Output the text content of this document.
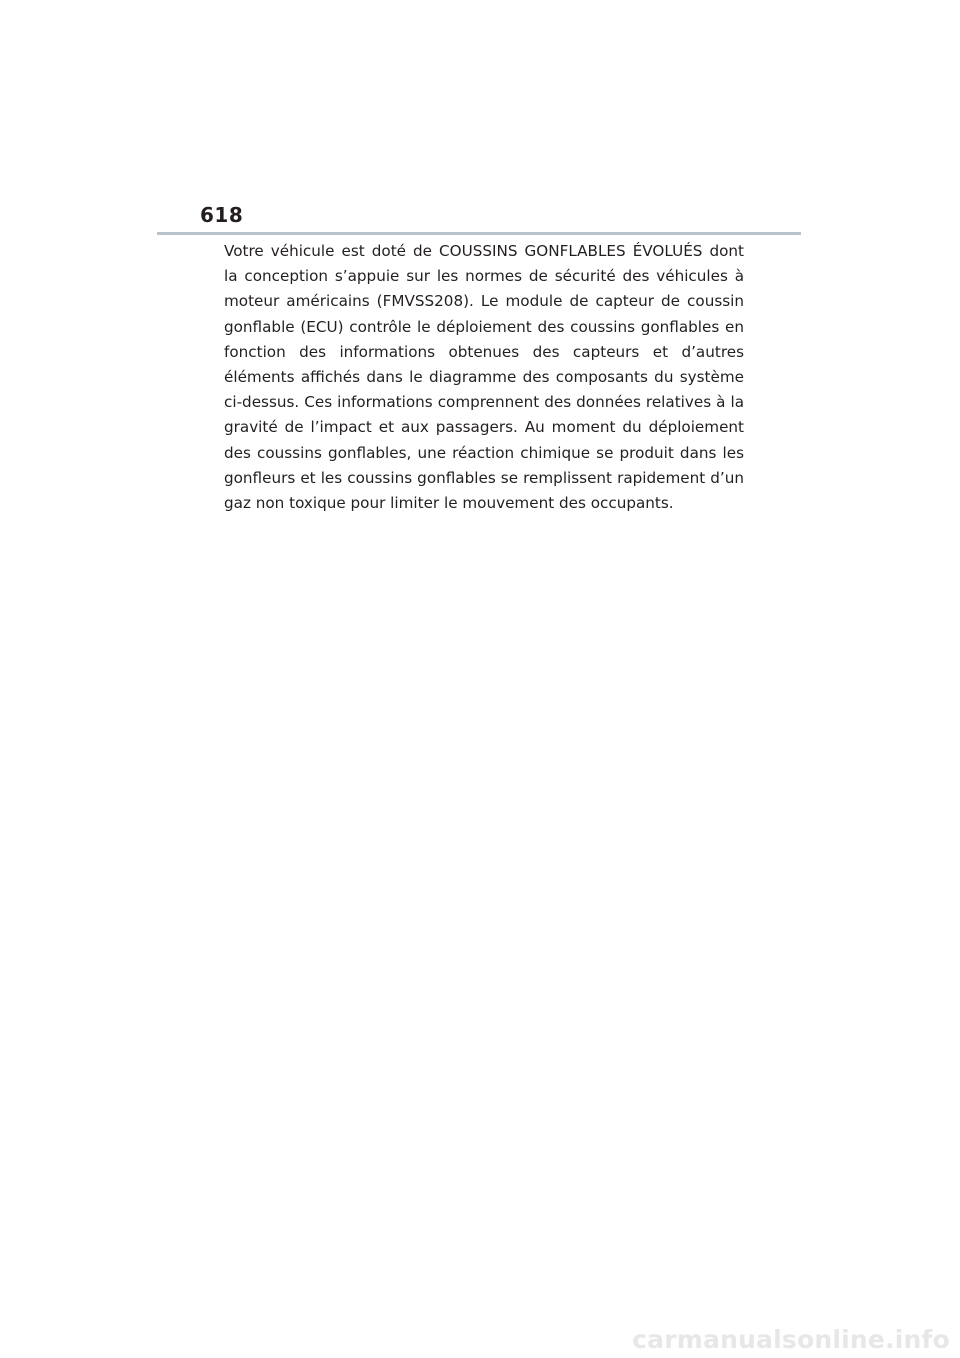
618

Votre véhicule est doté de COUSSINS GONFLABLES ÉVOLUÉS dont la conception s’appuie sur les normes de sécurité des véhicules à moteur américains (FMVSS208). Le module de capteur de coussin gonflable (ECU) contrôle le déploiement des coussins gonflables en fonction des informations obtenues des capteurs et d’autres éléments affichés dans le diagramme des composants du système ci-dessus. Ces informations comprennent des données relatives à la gravité de l’impact et aux passagers. Au moment du déploiement des coussins gonflables, une réaction chimique se produit dans les gonfleurs et les coussins gonflables se remplissent rapidement d’un gaz non toxique pour limiter le mouvement des occupants.

carmanualsonline.info
